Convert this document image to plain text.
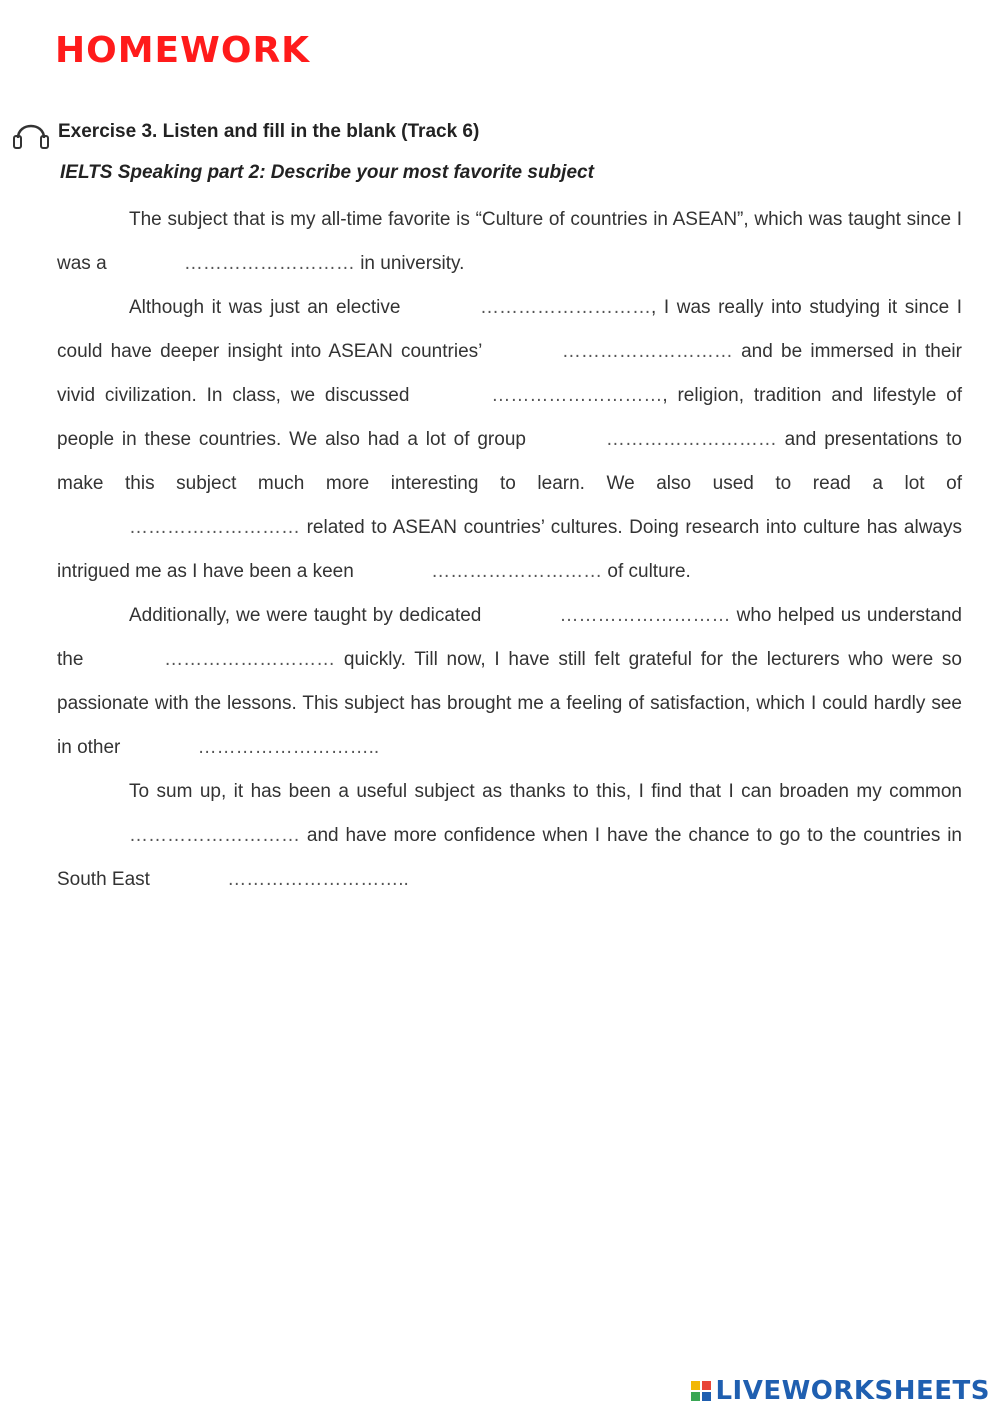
HOMEWORK
Exercise 3. Listen and fill in the blank (Track 6)
IELTS Speaking part 2: Describe your most favorite subject

The subject that is my all-time favorite is “Culture of countries in ASEAN”, which was taught since I was a	……………………… in university.

Although it was just an elective	………………………, I was really into studying it since I could have deeper insight into ASEAN countries’	……………………… and be immersed in their vivid civilization. In class, we discussed	………………………, religion, tradition and lifestyle of people in these countries. We also had a lot of group	……………………… and presentations to make this subject much more interesting to learn. We also used to read a lot of ……………………… related to ASEAN countries’ cultures. Doing research into culture has always intrigued me as I have been a keen	……………………… of culture.

Additionally, we were taught by dedicated	……………………… who helped us understand the	……………………… quickly. Till now, I have still felt grateful for the lecturers who were so passionate with the lessons. This subject has brought me a feeling of satisfaction, which I could hardly see in other	………………………..

To sum up, it has been a useful subject as thanks to this, I find that I can broaden my common ……………………… and have more confidence when I have the chance to go to the countries in South East	………………………..

LIVEWORKSHEETS
